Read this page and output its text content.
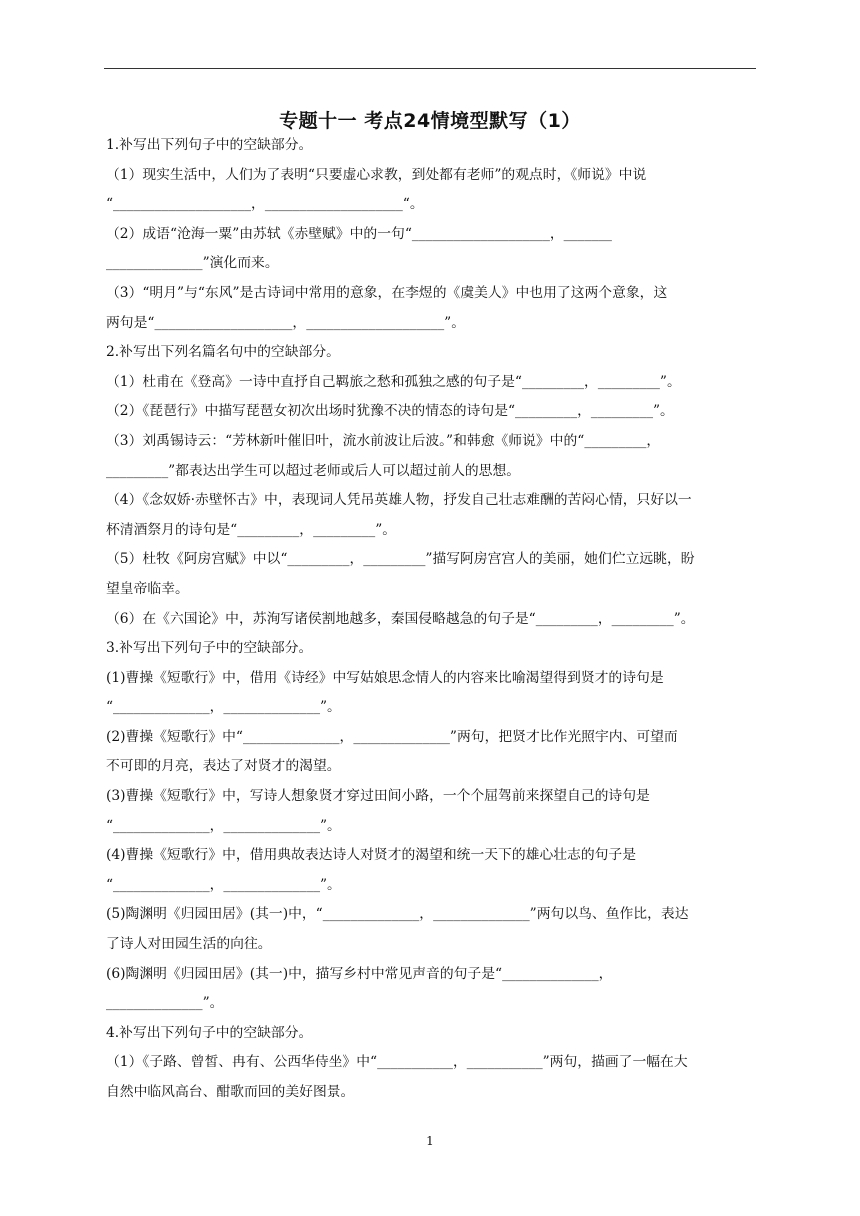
专题十一 考点24情境型默写（1）
1.补写出下列句子中的空缺部分。
（1）现实生活中，人们为了表明“只要虚心求教，到处都有老师”的观点时，《师说》中说
“____________________，____________________“。
（2）成语“沧海一粟”由苏轼《赤壁赋》中的一句“____________________，_______
______________”演化而来。
（3）“明月”与“东风”是古诗词中常用的意象，在李煜的《虞美人》中也用了这两个意象，这
两句是“____________________，____________________”。
2.补写出下列名篇名句中的空缺部分。
（1）杜甫在《登高》一诗中直抒自己羁旅之愁和孤独之感的句子是“_________，_________”。
（2）《琵琶行》中描写琵琶女初次出场时犹豫不决的情态的诗句是“_________，_________”。
（3）刘禹锡诗云：“芳林新叶催旧叶，流水前波让后波。”和韩愈《师说》中的“_________，
_________”都表达出学生可以超过老师或后人可以超过前人的思想。
（4）《念奴娇·赤壁怀古》中，表现词人凭吊英雄人物，抒发自己壮志难酬的苦闷心情，只好以一
杯清酒祭月的诗句是“_________，_________”。
（5）杜牧《阿房宫赋》中以“_________，_________”描写阿房宫宫人的美丽，她们伫立远眺，盼
望皇帝临幸。
（6）在《六国论》中，苏洵写诸侯割地越多，秦国侵略越急的句子是“_________，_________”。
3.补写出下列句子中的空缺部分。
(1)曹操《短歌行》中，借用《诗经》中写姑娘思念情人的内容来比喻渴望得到贤才的诗句是
“______________，______________”。
(2)曹操《短歌行》中“______________，______________”两句，把贤才比作光照宇内、可望而
不可即的月亮，表达了对贤才的渴望。
(3)曹操《短歌行》中，写诗人想象贤才穿过田间小路，一个个屈驾前来探望自己的诗句是
“______________，______________”。
(4)曹操《短歌行》中，借用典故表达诗人对贤才的渴望和统一天下的雄心壮志的句子是
“______________，______________”。
(5)陶渊明《归园田居》(其一)中，“______________，______________”两句以鸟、鱼作比，表达
了诗人对田园生活的向往。
(6)陶渊明《归园田居》(其一)中，描写乡村中常见声音的句子是“______________，
______________”。
4.补写出下列句子中的空缺部分。
（1）《子路、曾皙、冉有、公西华侍坐》中“___________，___________”两句，描画了一幅在大
自然中临风高台、酣歌而回的美好图景。
1
